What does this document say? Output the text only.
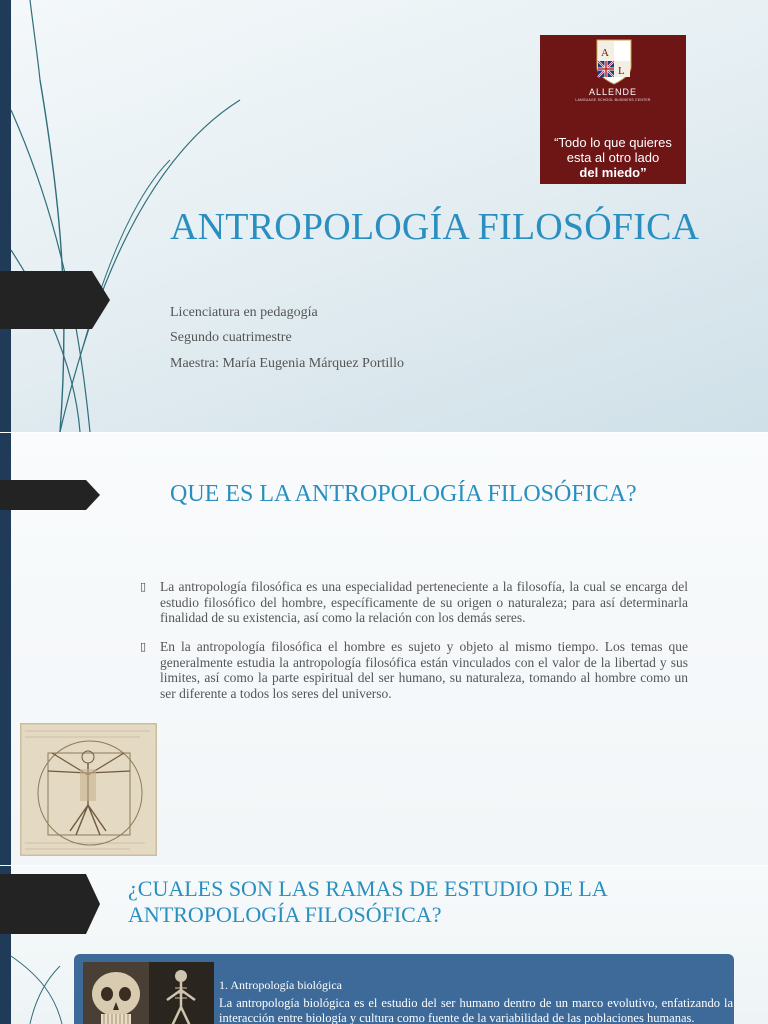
A
L
ALLENDE
LANGUAGE SCHOOL BUSINESS CENTER
“Todo lo que quieres
esta al otro lado
del miedo”
ANTROPOLOGÍA FILOSÓFICA
Licenciatura en pedagogía
Segundo cuatrimestre
Maestra: María Eugenia Márquez Portillo
QUE ES LA ANTROPOLOGÍA FILOSÓFICA?
▯ La antropología filosófica es una especialidad perteneciente a la filosofía, la cual se encarga del estudio filosófico del hombre, específicamente de su origen o naturaleza; para así determinarla finalidad de su existencia, así como la relación con los demás seres.
▯ En la antropología filosófica el hombre es sujeto y objeto al mismo tiempo. Los temas que generalmente estudia la antropología filosófica están vinculados con el valor de la libertad y sus limites, así como la parte espiritual del ser humano, su naturaleza, tomando al hombre como un ser diferente a todos los seres del universo.
¿CUALES SON LAS RAMAS DE ESTUDIO DE LA ANTROPOLOGÍA FILOSÓFICA?
1. Antropología biológica
La antropología biológica es el estudio del ser humano dentro de un marco evolutivo, enfatizando la interacción entre biología y cultura como fuente de la variabilidad de las poblaciones humanas.
